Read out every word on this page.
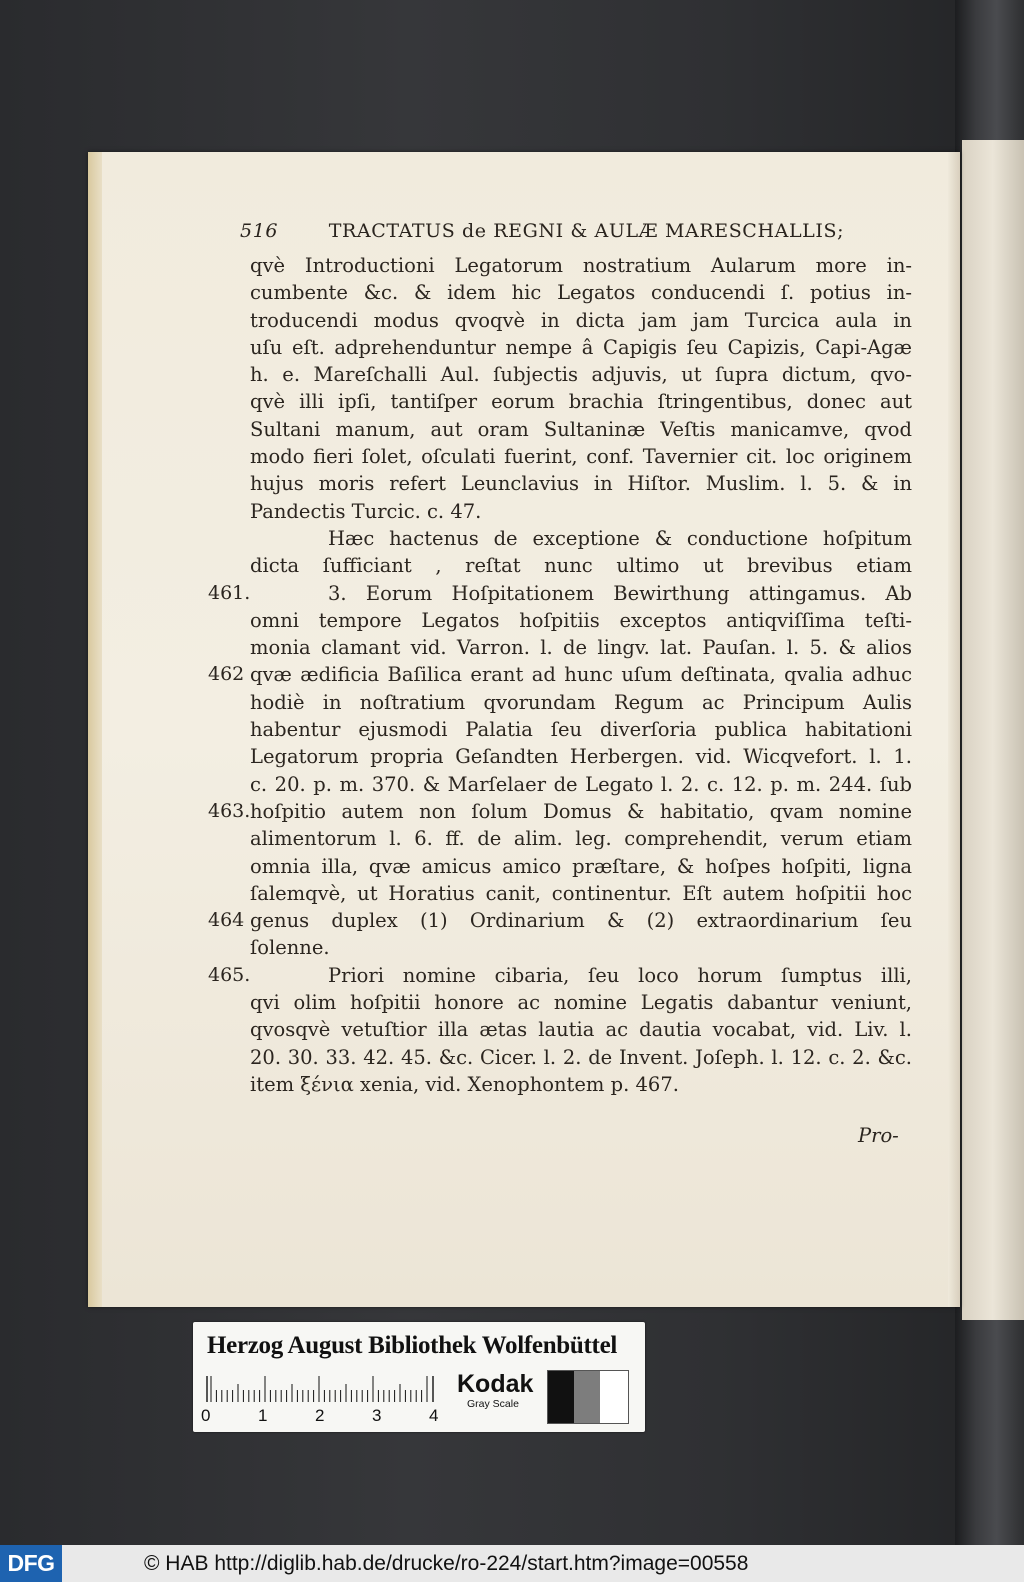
516	TRACTATUS de REGNI & AULÆ MARESCHALLIS;
qvè Introductioni Legatorum nostratium Aularum more in-
cumbente &c. & idem hic Legatos conducendi ſ. potius in-
troducendi modus qvoqvè in dicta jam jam Turcica aula in
uſu eſt. adprehenduntur nempe â Capigis ſeu Capizis, Capi-Agæ
h. e. Mareſchalli Aul. ſubjectis adjuvis, ut ſupra dictum, qvo-
qvè illi ipſi, tantiſper eorum brachia ſtringentibus, donec aut
Sultani manum, aut oram Sultaninæ Veſtis manicamve, qvod
modo fieri ſolet, oſculati fuerint, conf. Tavernier cit. loc originem
hujus moris refert Leunclavius in Hiſtor. Muslim. l. 5. & in
Pandectis Turcic. c. 47.
Hæc hactenus de exceptione & conductione hoſpitum
dicta ſufficiant , reſtat nunc ultimo ut brevibus etiam
461.	3. Eorum Hoſpitationem Bewirthung attingamus. Ab
omni tempore Legatos hoſpitiis exceptos antiqviſſima teſti-
monia clamant vid. Varron. l. de lingv. lat. Pauſan. l. 5. & alios
462 qvæ ædificia Baſilica erant ad hunc uſum deſtinata, qvalia adhuc
hodiè in noſtratium qvorundam Regum ac Principum Aulis
habentur ejusmodi Palatia ſeu diverſoria publica habitationi
Legatorum propria Geſandten Herbergen. vid. Wicqvefort. l. 1.
c. 20. p. m. 370. & Marſelaer de Legato l. 2. c. 12. p. m. 244. ſub
463. hoſpitio autem non ſolum Domus & habitatio, qvam nomine
alimentorum l. 6. ff. de alim. leg. comprehendit, verum etiam
omnia illa, qvæ amicus amico præſtare, & hoſpes hoſpiti, ligna
ſalemqvè, ut Horatius canit, continentur. Eſt autem hoſpitii hoc
464 genus duplex (1) Ordinarium & (2) extraordinarium ſeu
ſolenne.
465.	Priori nomine cibaria, ſeu loco horum ſumptus illi,
qvi olim hoſpitii honore ac nomine Legatis dabantur veniunt,
qvosqvè vetuſtior illa ætas lautia ac dautia vocabat, vid. Liv. l.
20. 30. 33. 42. 45. &c. Cicer. l. 2. de Invent. Joſeph. l. 12. c. 2. &c.
item ξένια xenia, vid. Xenophontem p. 467.
Pro-
Herzog August Bibliothek Wolfenbüttel
0	1	2	3	4
Kodak
Gray Scale
DFG	© HAB http://diglib.hab.de/drucke/ro-224/start.htm?image=00558
